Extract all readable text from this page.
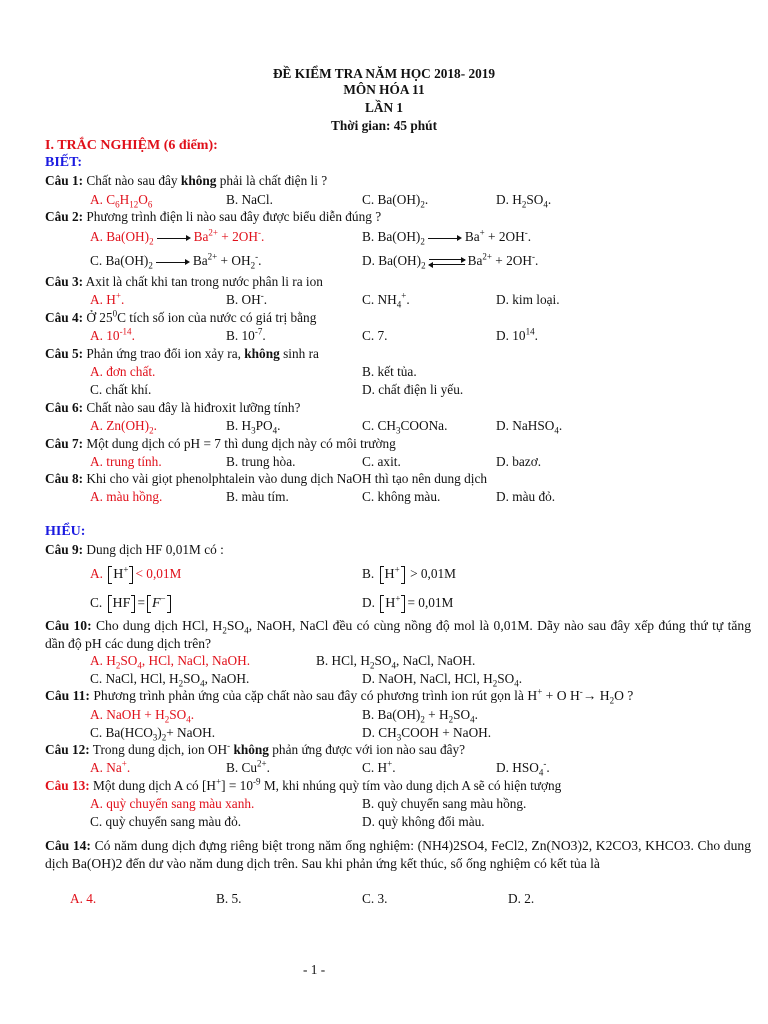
ĐỀ KIỂM TRA NĂM HỌC 2018- 2019
MÔN HÓA 11
LẦN 1
Thời gian: 45 phút
I. TRẮC NGHIỆM (6 điểm):
BIẾT:
Câu 1: Chất nào sau đây không phải là chất điện li ?
A. $C_6H_{12}O_6$	B. NaCl.	C. $Ba(OH)_2$.	D. $H_2SO_4$.
Câu 2: Phương trình điện li nào sau đây được biểu diễn đúng ?
A. $Ba(OH)_2$	$Ba^{2+} + 2OH^-$.	B. $Ba(OH)_2$	Ba+ + 2OH-.
C. $Ba(OH)_2$	$Ba^{2+} + OH_2^-$.	D. $Ba(OH)_2$ ⇌ $Ba^{2+} + 2OH^-$.
Câu 3: Axit là chất khi tan trong nước phân li ra ion
A. H+.	B. OH-.	C. $NH_4^+$.	D. kim loại.
Câu 4: Ở $25^0C$ tích số ion của nước có giá trị bằng
A. $10^{-14}$.	B. $10^{-7}$.	C. 7.	D. $10^{14}$.
Câu 5: Phản ứng trao đổi ion xảy ra, không sinh ra
A. đơn chất.	B. kết tủa.
C. chất khí.	D. chất điện li yếu.
Câu 6: Chất nào sau đây là hiđroxit lưỡng tính?
A. $Zn(OH)_2$.	B. $H_3PO_4$.	C. $CH_3COONa$.	D. NaHSO$_4$.
Câu 7: Một dung dịch có pH = 7 thì dung dịch này có môi trường
A. trung tính.	B. trung hòa.	C. axit.	D. bazơ.
Câu 8: Khi cho vài giọt phenolphtalein vào dung dịch NaOH thì tạo nên dung dịch
A. màu hồng.	B. màu tím.	C. không màu.	D. màu đỏ.
HIỂU:
Câu 9: Dung dịch HF 0,01M có :
A. H+ < 0,01M	B. H+ > 0,01M
C. HF = F−	D. H+ = 0,01M
Câu 10: Cho dung dịch HCl, $H_2SO_4$, NaOH, NaCl đều có cùng nồng độ mol là 0,01M. Dãy nào sau đây xếp đúng thứ tự tăng dần độ pH các dung dịch trên?
A. $H_2SO_4$, HCl, NaCl, NaOH.	B. HCl, $H_2SO_4$, NaCl, NaOH.
C. NaCl, HCl, $H_2SO_4$, NaOH.	D. NaOH, NaCl, HCl, $H_2SO_4$.
Câu 11: Phương trình phản ứng của cặp chất nào sau đây có phương trình ion rút gọn là H+ + O $H^-\to H_2O$ ?
A. NaOH + $H_2SO_4$.	B. $Ba(OH)_2 + H_2SO_4$.
C. $Ba(HCO_3)_2+$ NaOH.	D. $CH_3COOH$ + NaOH.
Câu 12: Trong dung dịch, ion OH- không phản ứng được với ion nào sau đây?
A. Na+.	B. $Cu^{2+}$.	C. H+.	D. $HSO_4^-$.
Câu 13: Một dung dịch A có $[H^+] = 10^{-9}$ M, khi nhúng quỳ tím vào dung dịch A sẽ có hiện tượng
A. quỳ chuyển sang màu xanh.	B. quỳ chuyển sang màu hồng.
C. quỳ chuyển sang màu đỏ.	D. quỳ không đổi màu.
Câu 14: Có năm dung dịch đựng riêng biệt trong năm ống nghiệm: (NH4)2SO4, FeCl2, Zn(NO3)2, K2CO3, KHCO3. Cho dung dịch Ba(OH)2 đến dư vào năm dung dịch trên. Sau khi phản ứng kết thúc, số ống nghiệm có kết tủa là
A. 4.	B. 5.	C. 3.	D. 2.
- 1 -
